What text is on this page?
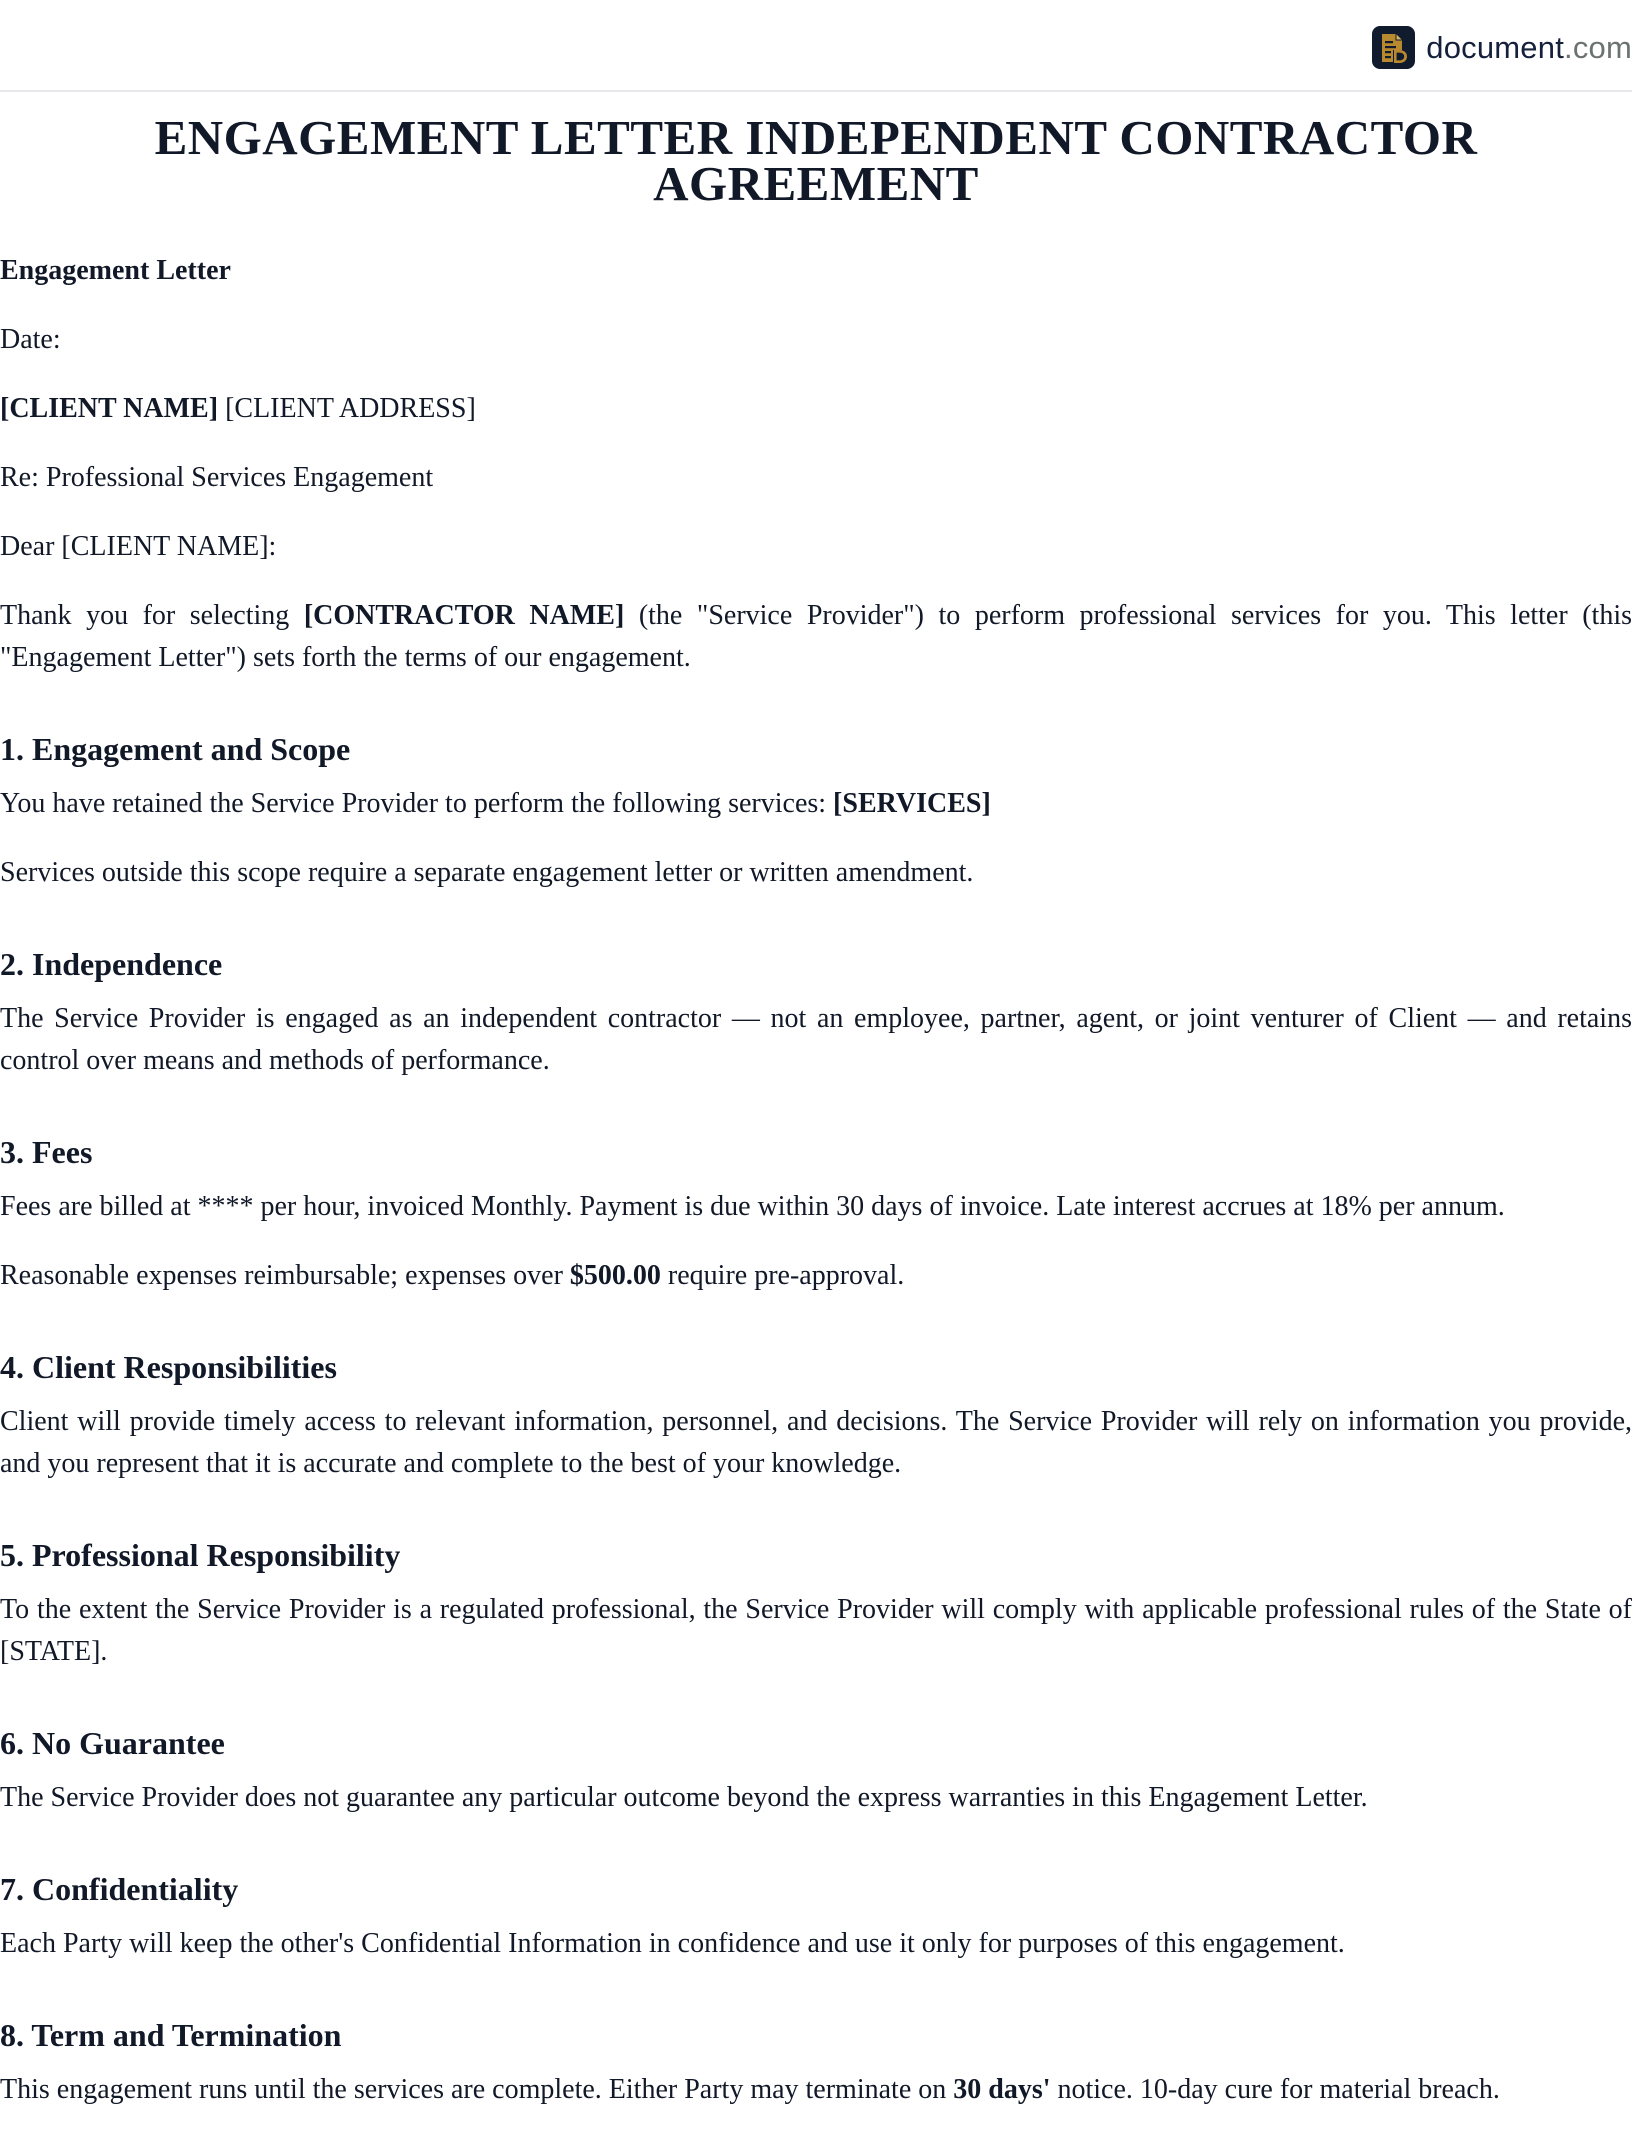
document.com
ENGAGEMENT LETTER INDEPENDENT CONTRACTOR AGREEMENT
Engagement Letter

Date:

[CLIENT NAME] [CLIENT ADDRESS]

Re: Professional Services Engagement

Dear [CLIENT NAME]:

Thank you for selecting [CONTRACTOR NAME] (the "Service Provider") to perform professional services for you. This letter (this "Engagement Letter") sets forth the terms of our engagement.

1. Engagement and Scope

You have retained the Service Provider to perform the following services: [SERVICES]

Services outside this scope require a separate engagement letter or written amendment.

2. Independence

The Service Provider is engaged as an independent contractor — not an employee, partner, agent, or joint venturer of Client — and retains control over means and methods of performance.

3. Fees

Fees are billed at **** per hour, invoiced Monthly. Payment is due within 30 days of invoice. Late interest accrues at 18% per annum.

Reasonable expenses reimbursable; expenses over $500.00 require pre-approval.

4. Client Responsibilities

Client will provide timely access to relevant information, personnel, and decisions. The Service Provider will rely on information you provide, and you represent that it is accurate and complete to the best of your knowledge.

5. Professional Responsibility

To the extent the Service Provider is a regulated professional, the Service Provider will comply with applicable professional rules of the State of [STATE].

6. No Guarantee

The Service Provider does not guarantee any particular outcome beyond the express warranties in this Engagement Letter.

7. Confidentiality

Each Party will keep the other's Confidential Information in confidence and use it only for purposes of this engagement.

8. Term and Termination

This engagement runs until the services are complete. Either Party may terminate on 30 days' notice. 10-day cure for material breach.
